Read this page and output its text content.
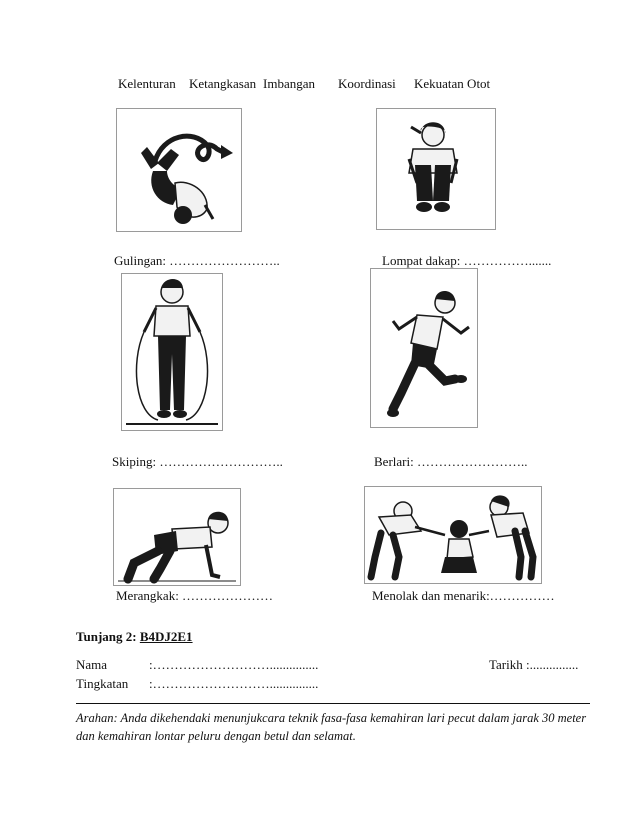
Kelenturan Ketangkasan Imbangan Koordinasi Kekuatan Otot
Gulingan: ……………………..	Lompat dakap: …………….......
Skiping: ………………………..	Berlari: ……………………..
Merangkak: …………………	Menolak dan menarik:……………
Tunjang 2: B4DJ2E1
Nama	:………………………...............	Tarikh :...............
Tingkatan :………………………...............
Arahan: Anda dikehendaki menunjukcara teknik fasa-fasa kemahiran lari pecut dalam jarak 30 meter dan kemahiran lontar peluru dengan betul dan selamat.
